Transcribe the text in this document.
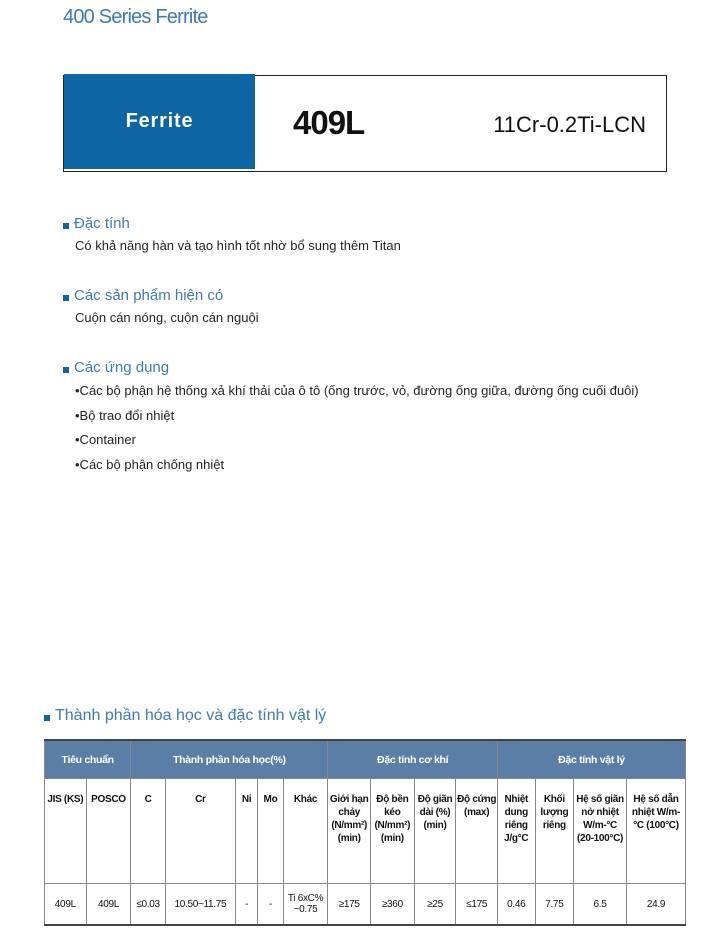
400 Series Ferrite
Ferrite	409L	11Cr-0.2Ti-LCN
Đặc tính
Có khả năng hàn và tạo hình tốt nhờ bổ sung thêm Titan
Các sản phẩm hiện có
Cuộn cán nóng, cuộn cán nguội
Các ứng dụng
•Các bộ phận hệ thống xả khí thải của ô tô (ống trước, vỏ, đường ống giữa, đường ống cuối đuôi)
•Bộ trao đổi nhiệt
•Container
•Các bộ phận chống nhiệt
Thành phần hóa học và đặc tính vật lý
Tiêu chuẩn		Thành phần hóa học(%)					Đặc tính cơ khí				Đặc tính vật lý			
JIS (KS)	POSCO	C	Cr	Ni	Mo	Khác	Giới hạn chảy (N/mm²) (min)	Độ bền kéo (N/mm²) (min)	Độ giãn dài (%) (min)	Độ cứng (max)	Nhiệt dung riêng J/g°C	Khối lượng riêng	Hệ số giãn nở nhiệt W/m-°C (20-100°C)	Hệ số dẫn nhiệt W/m-°C (100°C)
409L	409L	≤0.03	10.50~11.75	-	-	Ti 6xC% ~0.75	≥175	≥360	≥25	≤175	0.46	7.75	6.5	24.9
